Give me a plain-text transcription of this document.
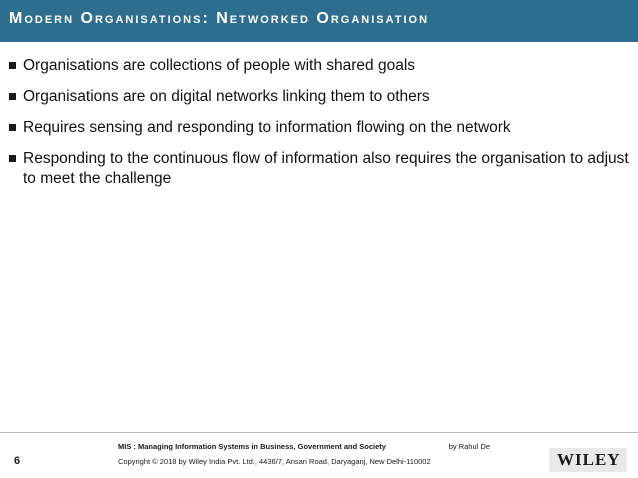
Modern Organisations: Networked Organisation
Organisations are collections of people with shared goals
Organisations are on digital networks linking them to others
Requires sensing and responding to information flowing on the network
Responding to the continuous flow of information also requires the organisation to adjust to meet the challenge
6
MIS : Managing Information Systems in Business, Government and Society	by Rahul De
Copyright © 2018 by Wiley India Pvt. Ltd., 4436/7, Ansari Road, Daryaganj, New Delhi-110002	WILEY
